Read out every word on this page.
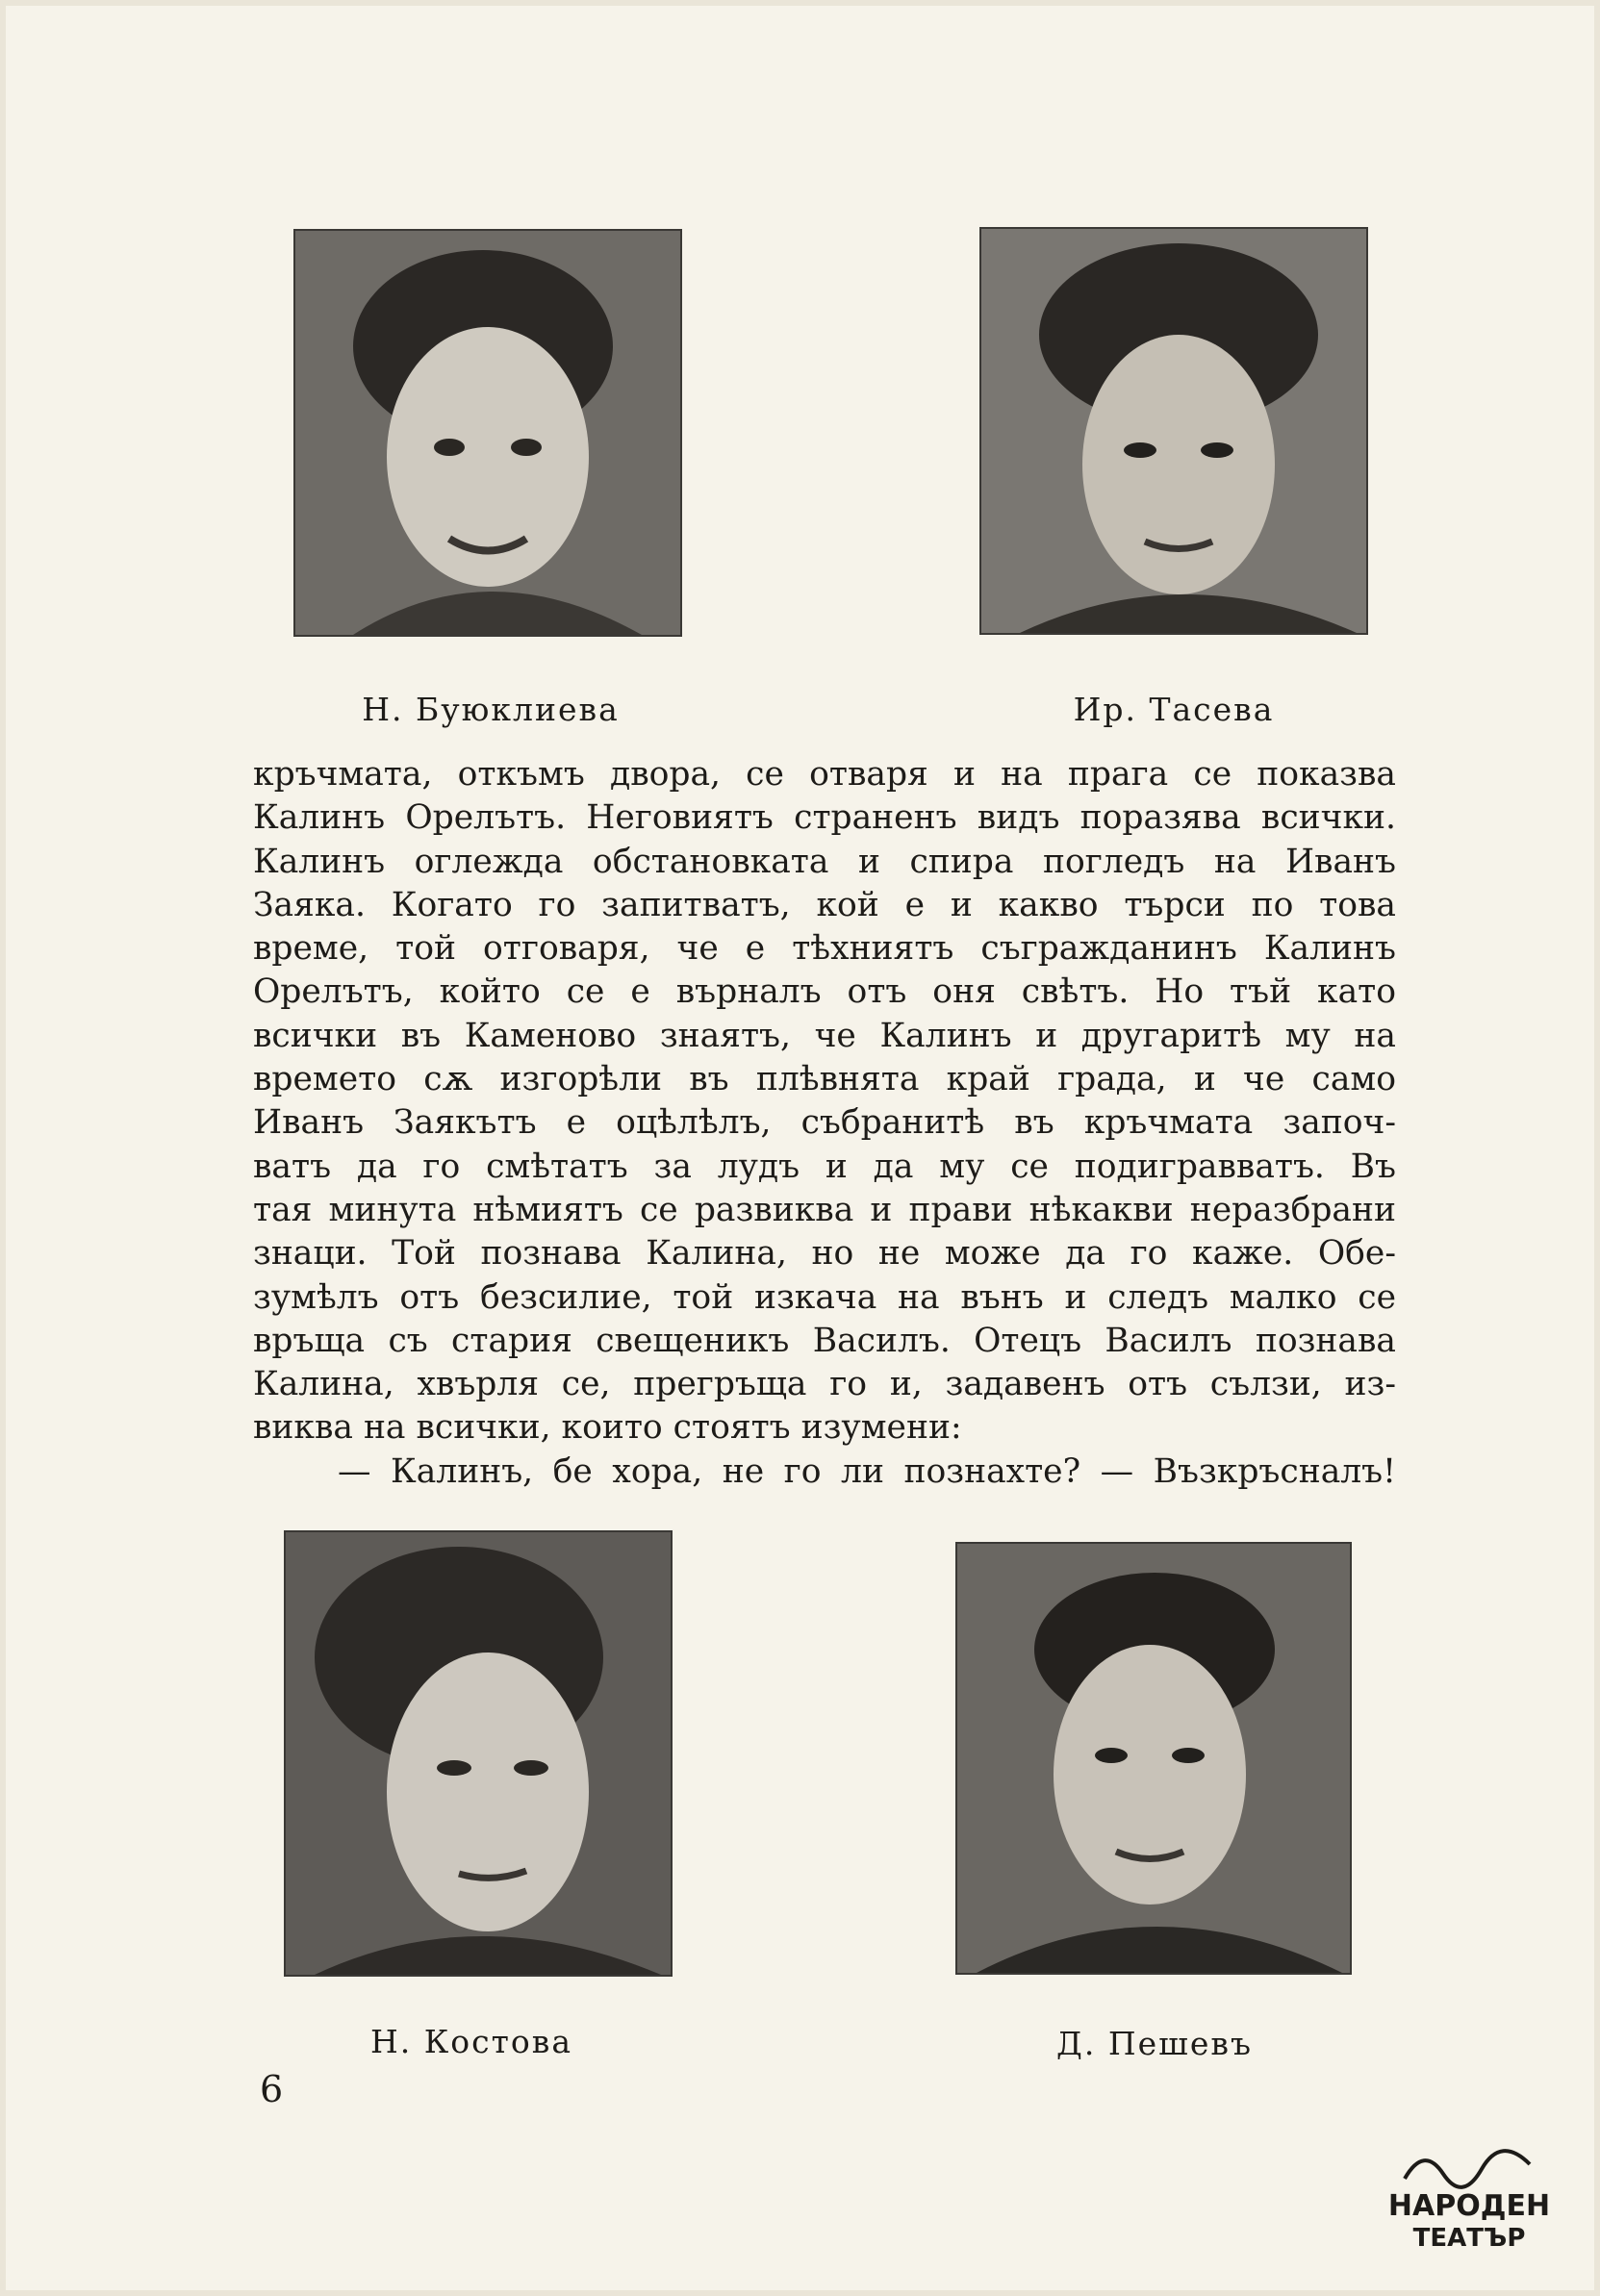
Н. Буюклиева	Ир. Тасева
кръчмата, откъмъ двора, се отваря и на прага се показва
Калинъ Орелътъ. Неговиятъ страненъ видъ поразява всички.
Калинъ оглежда обстановката и спира погледъ на Иванъ
Заяка. Когато го запитватъ, кой е и какво търси по това
време, той отговаря, че е тѣхниятъ съгражданинъ Калинъ
Орелътъ, който се е върналъ отъ оня свѣтъ. Но тъй като
всички въ Каменово знаятъ, че Калинъ и другаритѣ му на
времето сѫ изгорѣли въ плѣвнята край града, и че само
Иванъ Заякътъ е оцѣлѣлъ, събранитѣ въ кръчмата започ-
ватъ да го смѣтатъ за лудъ и да му се подигравватъ. Въ
тая минута нѣмиятъ се развиква и прави нѣкакви неразбрани
знаци. Той познава Калина, но не може да го каже. Обе-
зумѣлъ отъ безсилие, той изкача на вънъ и следъ малко се
връща съ стария свещеникъ Василъ. Отецъ Василъ познава
Калина, хвърля се, прегръща го и, задавенъ отъ сълзи, из-
виква на всички, които стоятъ изумени:
— Калинъ, бе хора, не го ли познахте? — Възкръсналъ!
Н. Костова	Д. Пешевъ
6
НАРОДЕН
ТЕАТЪР
